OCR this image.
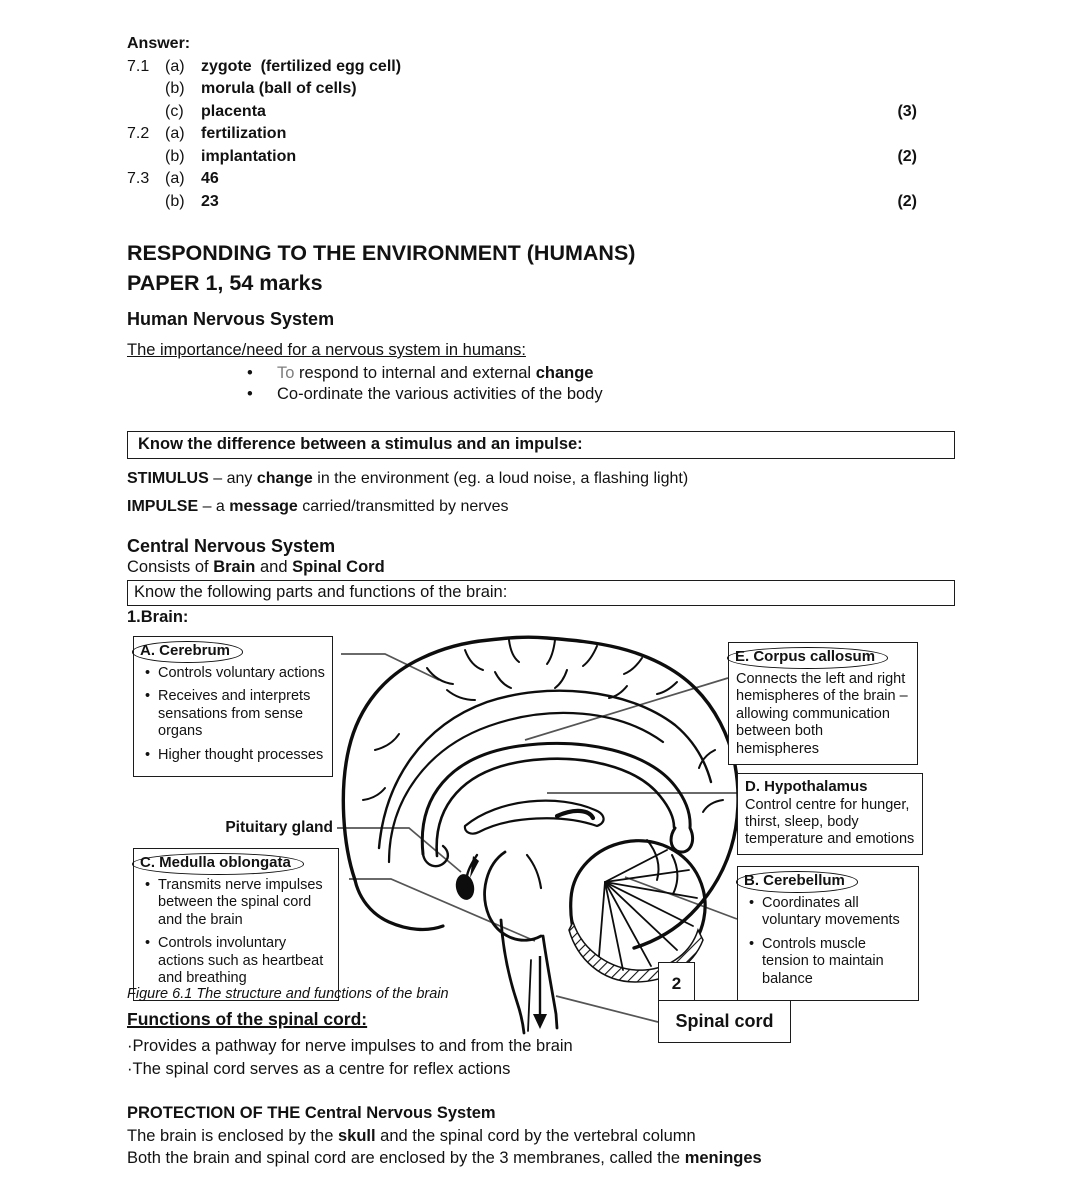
Answer:
7.1 (a)	zygote  (fertilized egg cell)
(b)	morula (ball of cells)
(c)	placenta	(3)
7.2 (a)	fertilization
(b)	implantation	(2)
7.3 (a)	46
(b)	23	(2)
RESPONDING TO THE ENVIRONMENT (HUMANS)
PAPER 1, 54 marks
Human Nervous System
The importance/need for a nervous system in humans:
• To respond to internal and external change
• Co-ordinate the various activities of the body
Know the difference between a stimulus and an impulse:

STIMULUS – any change in the environment (eg. a loud noise, a flashing light)

IMPULSE – a message carried/transmitted by nerves

Central Nervous System
Consists of Brain and Spinal Cord
Know the following parts and functions of the brain:
1.Brain:
A. Cerebrum
• Controls voluntary actions
• Receives and interprets sensations from sense organs
• Higher thought processes
E. Corpus callosum
Connects the left and right hemispheres of the brain – allowing communication between both hemispheres
D. Hypothalamus
Control centre for hunger, thirst, sleep, body temperature and emotions
B. Cerebellum
• Coordinates all voluntary movements
• Controls muscle tension to maintain balance
C. Medulla oblongata
• Transmits nerve impulses between the spinal cord and the brain
• Controls involuntary actions such as heartbeat and breathing
Pituitary gland
2
Spinal cord
Figure 6.1 The structure and functions of the brain
Functions of the spinal cord:
·Provides a pathway for nerve impulses to and from the brain
·The spinal cord serves as a centre for reflex actions
PROTECTION OF THE Central Nervous System
The brain is enclosed by the skull and the spinal cord by the vertebral column
Both the brain and spinal cord are enclosed by the 3 membranes, called the meninges
